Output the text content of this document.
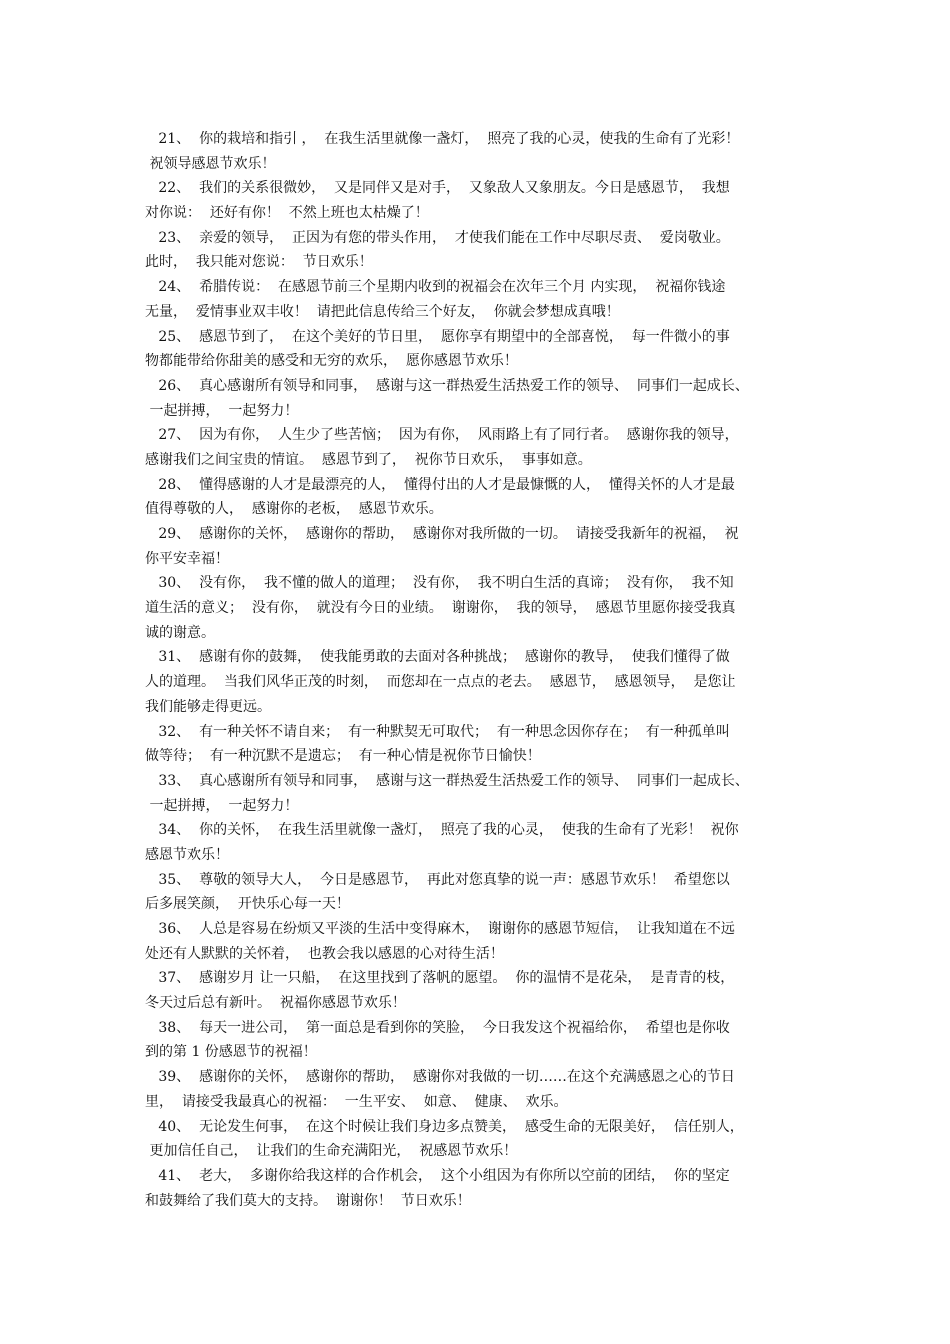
21、  你的栽培和指引 ，  在我生活里就像一盏灯，  照亮了我的心灵，使我的生命有了光彩！
祝领导感恩节欢乐！
22、  我们的关系很微妙，  又是同伴又是对手，  又象敌人又象朋友。今日是感恩节，  我想
对你说：  还好有你！  不然上班也太枯燥了！
23、  亲爱的领导，  正因为有您的带头作用，  才使我们能在工作中尽职尽责、  爱岗敬业。
此时，  我只能对您说：  节日欢乐！
24、  希腊传说：  在感恩节前三个星期内收到的祝福会在次年三个月 内实现，  祝福你钱途
无量，  爱情事业双丰收！  请把此信息传给三个好友，  你就会梦想成真哦！
25、  感恩节到了，  在这个美好的节日里，  愿你享有期望中的全部喜悦，  每一件微小的事
物都能带给你甜美的感受和无穷的欢乐，  愿你感恩节欢乐！
26、  真心感谢所有领导和同事，  感谢与这一群热爱生活热爱工作的领导、  同事们一起成长、
一起拼搏，  一起努力！
27、  因为有你，  人生少了些苦恼；  因为有你，  风雨路上有了同行者。  感谢你我的领导，
感谢我们之间宝贵的情谊。  感恩节到了，  祝你节日欢乐，  事事如意。
28、  懂得感谢的人才是最漂亮的人，  懂得付出的人才是最慷慨的人，  懂得关怀的人才是最
值得尊敬的人，  感谢你的老板，  感恩节欢乐。
29、  感谢你的关怀，  感谢你的帮助，  感谢你对我所做的一切。  请接受我新年的祝福，  祝
你平安幸福！
30、  没有你，  我不懂的做人的道理；  没有你，  我不明白生活的真谛；  没有你，  我不知
道生活的意义；  没有你，  就没有今日的业绩。  谢谢你，  我的领导，  感恩节里愿你接受我真
诚的谢意。
31、  感谢有你的鼓舞，  使我能勇敢的去面对各种挑战；  感谢你的教导，  使我们懂得了做
人的道理。  当我们风华正茂的时刻，  而您却在一点点的老去。  感恩节，  感恩领导，  是您让
我们能够走得更远。
32、  有一种关怀不请自来；  有一种默契无可取代；  有一种思念因你存在；  有一种孤单叫
做等待；  有一种沉默不是遗忘；  有一种心情是祝你节日愉快！
33、  真心感谢所有领导和同事，  感谢与这一群热爱生活热爱工作的领导、  同事们一起成长、
一起拼搏，  一起努力！
34、  你的关怀，  在我生活里就像一盏灯，  照亮了我的心灵，  使我的生命有了光彩！  祝你
感恩节欢乐！
35、  尊敬的领导大人，  今日是感恩节，  再此对您真挚的说一声：感恩节欢乐！  希望您以
后多展笑颜，  开快乐心每一天！
36、  人总是容易在纷烦又平淡的生活中变得麻木，  谢谢你的感恩节短信，  让我知道在不远
处还有人默默的关怀着，  也教会我以感恩的心对待生活！
37、  感谢岁月 让一只船，  在这里找到了落帆的愿望。  你的温情不是花朵，  是青青的枝，
冬天过后总有新叶。  祝福你感恩节欢乐！
38、  每天一进公司，  第一面总是看到你的笑脸，  今日我发这个祝福给你，  希望也是你收
到的第 1 份感恩节的祝福！
39、  感谢你的关怀，  感谢你的帮助，  感谢你对我做的一切……在这个充满感恩之心的节日
里，  请接受我最真心的祝福：  一生平安、  如意、  健康、  欢乐。
40、  无论发生何事，  在这个时候让我们身边多点赞美，  感受生命的无限美好，  信任别人，
更加信任自己，  让我们的生命充满阳光，  祝感恩节欢乐！
41、  老大，  多谢你给我这样的合作机会，  这个小组因为有你所以空前的团结，  你的坚定
和鼓舞给了我们莫大的支持。  谢谢你！  节日欢乐！
